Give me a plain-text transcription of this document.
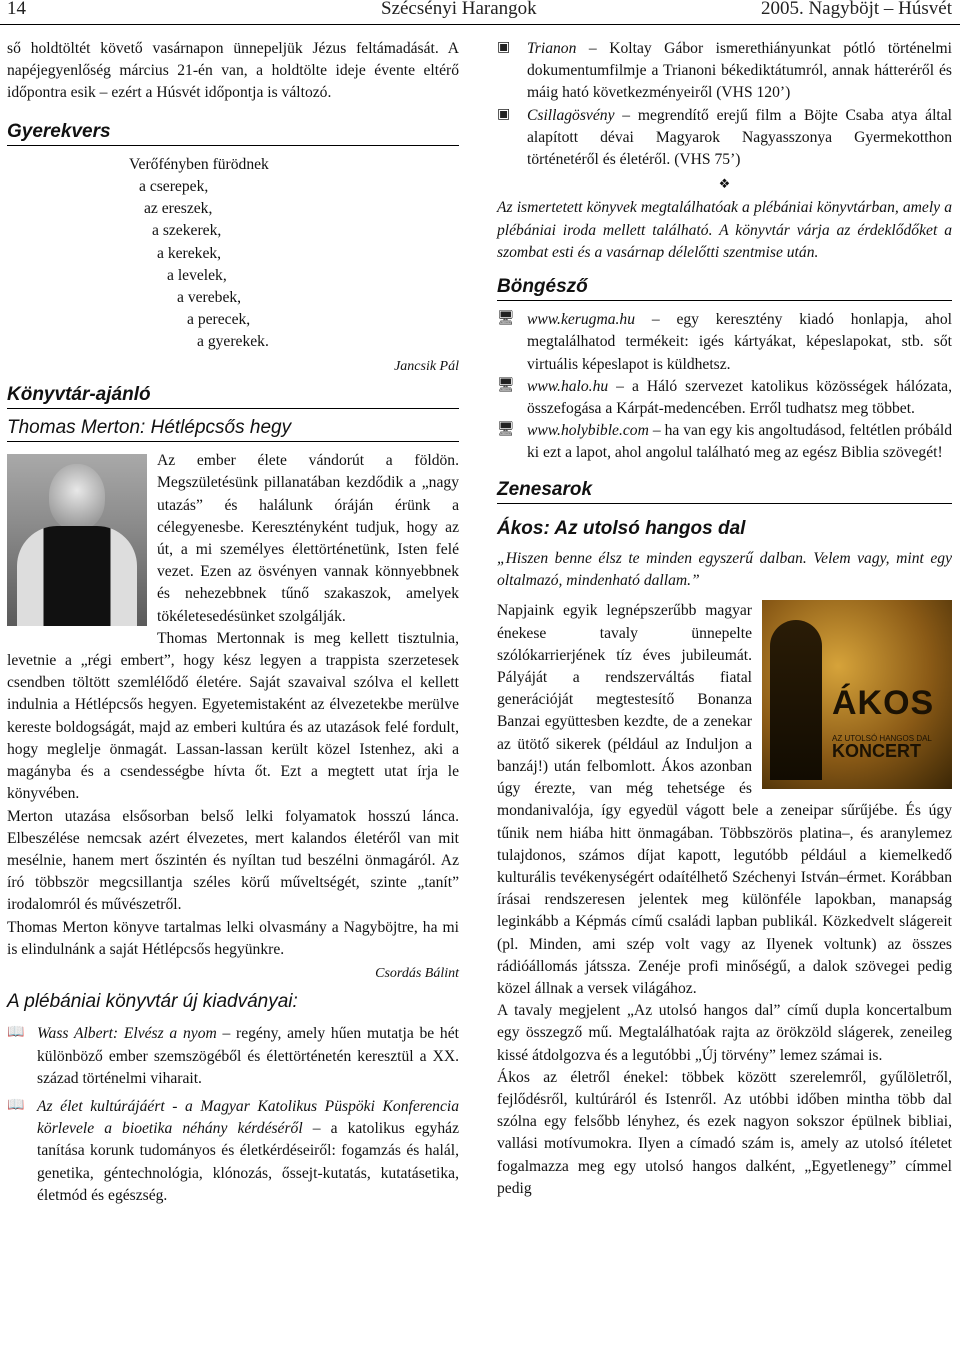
14	Szécsényi Harangok	2005. Nagyböjt – Húsvét

ső holdtöltét követő vasárnapon ünnepeljük Jézus feltámadását. A napéjegyenlőség március 21-én van, a holdtölte ideje évente eltérő időpontra esik – ezért a Húsvét időpontja is változó.

Gyerekvers
Verőfényben fürödnek
a cserepek,
az ereszek,
a szekerek,
a kerekek,
a levelek,
a verebek,
a perecek,
a gyerekek.
Jancsik Pál
Könyvtár-ajánló
Thomas Merton: Hétlépcsős hegy

Az ember élete vándorút a földön. Megszületésünk pillanatában kezdődik a „nagy utazás” és halálunk óráján érünk a célegyenesbe. Keresztényként tudjuk, hogy az út, a mi személyes élettörténetünk, Isten felé vezet. Ezen az ösvényen vannak könnyebbnek és nehezebbnek tűnő szakaszok, amelyek tökéletesedésünket szolgálják.

Thomas Mertonnak is meg kellett tisztulnia, levetnie a „régi embert”, hogy kész legyen a trappista szerzetesek csendben töltött szemlélődő életére. Saját szavaival szólva el kellett indulnia a Hétlépcsős hegyen. Egyetemistaként az élvezetekbe merülve kereste boldogságát, majd az emberi kultúra és az utazások felé fordult, hogy meglelje önmagát. Lassan-lassan került közel Istenhez, aki a magányba és a csendességbe hívta őt. Ezt a megtett utat írja le könyvében.

Merton utazása elsősorban belső lelki folyamatok hosszú lánca. Elbeszélése nemcsak azért élvezetes, mert kalandos életéről van mit mesélnie, hanem mert őszintén és nyíltan tud beszélni önmagáról. Az író többször megcsillantja széles körű műveltségét, szinte „tanít” irodalomról és művészetről.

Thomas Merton könyve tartalmas lelki olvasmány a Nagyböjtre, ha mi is elindulnánk a saját Hétlépcsős hegyünkre.

Csordás Bálint
A plébániai könyvtár új kiadványai:
📖 Wass Albert: Elvész a nyom – regény, amely hűen mutatja be hét különböző ember szemszögéből és élettörténetén keresztül a XX. század történelmi viharait.

📖 Az élet kultúrájáért - a Magyar Katolikus Püspöki Konferencia körlevele a bioetika néhány kérdéséről – a katolikus egyház tanítása korunk tudományos és életkérdéseiről: fogamzás és halál, genetika, géntechnológia, klónozás, őssejt-kutatás, kutatásetika, életmód és egészség.

▣	Trianon – Koltay Gábor ismerethiányunkat pótló történelmi dokumentumfilmje a Trianoni békediktátumról, annak hátteréről és máig ható következményeiről (VHS 120’)

▣	Csillagösvény – megrendítő erejű film a Böjte Csaba atya által alapított dévai Magyarok Nagyasszonya Gyermekotthon történetéről és életéről. (VHS 75’)

❖

Az ismertetett könyvek megtalálhatóak a plébániai könyvtárban, amely a plébániai iroda mellett található. A könyvtár várja az érdeklődőket a szombat esti és a vasárnap délelőtti szentmise után.

Böngésző
🖥 www.kerugma.hu – egy keresztény kiadó honlapja, ahol megtalálhatod termékeit: igés kártyákat, képeslapokat, stb. sőt virtuális képeslapot is küldhetsz.

🖥 www.halo.hu – a Háló szervezet katolikus közösségek hálózata, összefogása a Kárpát-medencében. Erről tudhatsz meg többet.

🖥 www.holybible.com – ha van egy kis angoltudásod, feltétlen próbáld ki ezt a lapot, ahol angolul található meg az egész Biblia szövegét!

Zenesarok
Ákos: Az utolsó hangos dal

„Hiszen benne élsz te minden egyszerű dalban. Velem vagy, mint egy oltalmazó, mindenható dallam.”

ÁKOS
AZ UTOLSÓ HANGOS DAL
KONCERT

Napjaink egyik legnépszerűbb magyar énekese tavaly ünnepelte szólókarrierjének tíz éves jubileumát. Pályáját a rendszerváltás fiatal generációját megtestesítő Bonanza Banzai együttesben kezdte, de a zenekar az ütötő sikerek (például az Induljon a banzáj!) után felbomlott. Ákos azonban úgy érezte, van még tehetsége és mondanivalója, így egyedül vágott bele a zeneipar sűrűjébe. És úgy tűnik nem hiába hitt önmagában. Többszörös platina–, és aranylemez tulajdonos, számos díjat kapott, legutóbb például a kiemelkedő kulturális tevékenységért odaítélhető Széchenyi István–érmet. Korábban írásai rendszeresen jelentek meg különféle lapokban, manapság leginkább a Képmás című családi lapban publikál. Közkedvelt slágereit (pl. Minden, ami szép volt vagy az Ilyenek voltunk) az összes rádióállomás játssza. Zenéje profi minőségű, a dalok szövegei pedig közel állnak a versek világához.

A tavaly megjelent „Az utolsó hangos dal” című dupla koncertalbum egy összegző mű. Megtalálhatóak rajta az örökzöld slágerek, zeneileg kissé átdolgozva és a legutóbbi „Új törvény” lemez számai is.

Ákos az életről énekel: többek között szerelemről, gyűlöletről, fejlődésről, kultúráról és Istenről. Az utóbbi időben mintha több dal szólna egy felsőbb lényhez, és ezek nagyon sokszor épülnek bibliai, vallási motívumokra. Ilyen a címadó szám is, amely az utolsó ítéletet fogalmazza meg egy utolsó hangos dalként, „Egyetlenegy” címmel pedig
